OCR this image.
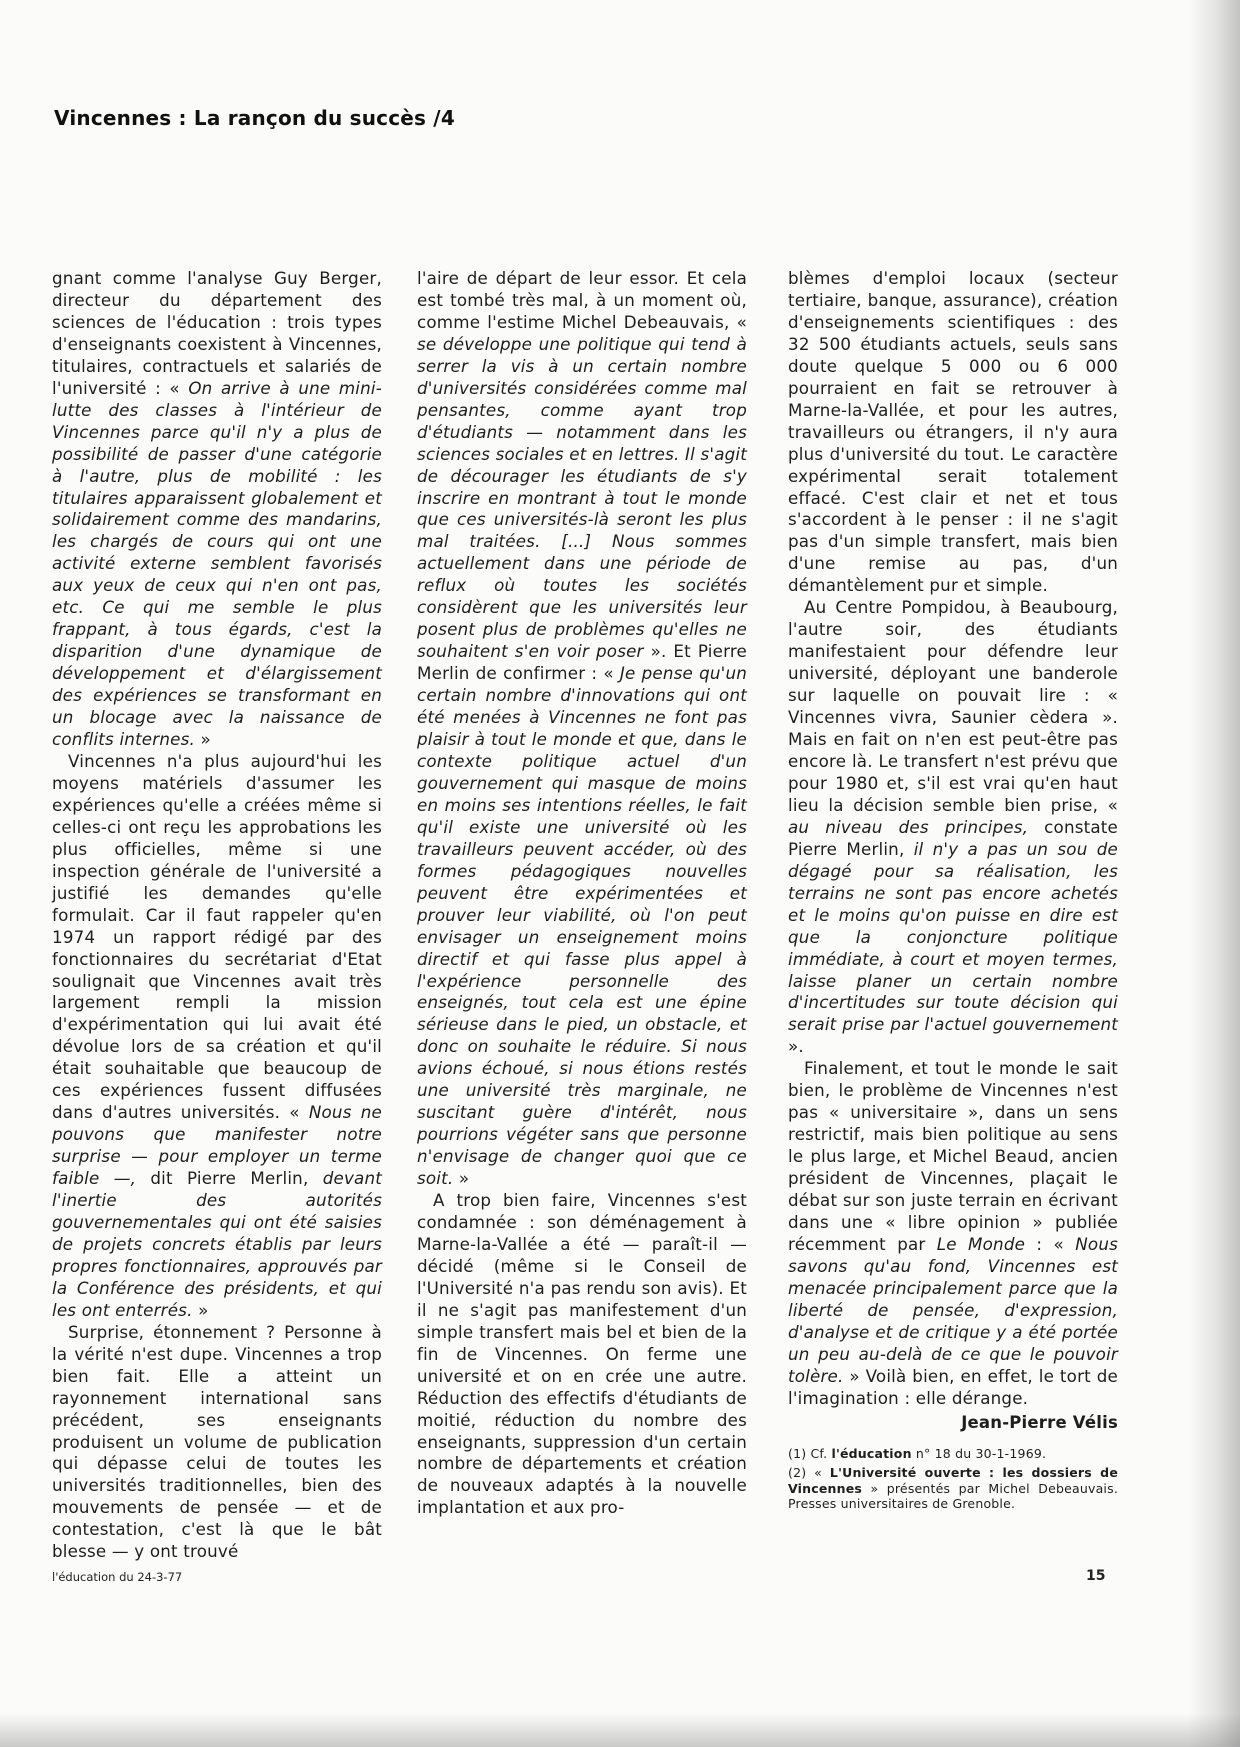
Vincennes : La rançon du succès /4

gnant comme l'analyse Guy Berger, directeur du département des sciences de l'éducation : trois types d'enseignants coexistent à Vincennes, titulaires, contractuels et salariés de l'université : « On arrive à une mini-lutte des classes à l'intérieur de Vincennes parce qu'il n'y a plus de possibilité de passer d'une catégorie à l'autre, plus de mobilité : les titulaires apparaissent globalement et solidairement comme des mandarins, les chargés de cours qui ont une activité externe semblent favorisés aux yeux de ceux qui n'en ont pas, etc. Ce qui me semble le plus frappant, à tous égards, c'est la disparition d'une dynamique de développement et d'élargissement des expériences se transformant en un blocage avec la naissance de conflits internes. »

Vincennes n'a plus aujourd'hui les moyens matériels d'assumer les expériences qu'elle a créées même si celles-ci ont reçu les approbations les plus officielles, même si une inspection générale de l'université a justifié les demandes qu'elle formulait. Car il faut rappeler qu'en 1974 un rapport rédigé par des fonctionnaires du secrétariat d'Etat soulignait que Vincennes avait très largement rempli la mission d'expérimentation qui lui avait été dévolue lors de sa création et qu'il était souhaitable que beaucoup de ces expériences fussent diffusées dans d'autres universités. « Nous ne pouvons que manifester notre surprise — pour employer un terme faible —, dit Pierre Merlin, devant l'inertie des autorités gouvernementales qui ont été saisies de projets concrets établis par leurs propres fonctionnaires, approuvés par la Conférence des présidents, et qui les ont enterrés. »

Surprise, étonnement ? Personne à la vérité n'est dupe. Vincennes a trop bien fait. Elle a atteint un rayonnement international sans précédent, ses enseignants produisent un volume de publication qui dépasse celui de toutes les universités traditionnelles, bien des mouvements de pensée — et de contestation, c'est là que le bât blesse — y ont trouvé

l'aire de départ de leur essor. Et cela est tombé très mal, à un moment où, comme l'estime Michel Debeauvais, « se développe une politique qui tend à serrer la vis à un certain nombre d'universités considérées comme mal pensantes, comme ayant trop d'étudiants — notamment dans les sciences sociales et en lettres. Il s'agit de décourager les étudiants de s'y inscrire en montrant à tout le monde que ces universités-là seront les plus mal traitées. [...] Nous sommes actuellement dans une période de reflux où toutes les sociétés considèrent que les universités leur posent plus de problèmes qu'elles ne souhaitent s'en voir poser ». Et Pierre Merlin de confirmer : « Je pense qu'un certain nombre d'innovations qui ont été menées à Vincennes ne font pas plaisir à tout le monde et que, dans le contexte politique actuel d'un gouvernement qui masque de moins en moins ses intentions réelles, le fait qu'il existe une université où les travailleurs peuvent accéder, où des formes pédagogiques nouvelles peuvent être expérimentées et prouver leur viabilité, où l'on peut envisager un enseignement moins directif et qui fasse plus appel à l'expérience personnelle des enseignés, tout cela est une épine sérieuse dans le pied, un obstacle, et donc on souhaite le réduire. Si nous avions échoué, si nous étions restés une université très marginale, ne suscitant guère d'intérêt, nous pourrions végéter sans que personne n'envisage de changer quoi que ce soit. »

A trop bien faire, Vincennes s'est condamnée : son déménagement à Marne-la-Vallée a été — paraît-il — décidé (même si le Conseil de l'Université n'a pas rendu son avis). Et il ne s'agit pas manifestement d'un simple transfert mais bel et bien de la fin de Vincennes. On ferme une université et on en crée une autre. Réduction des effectifs d'étudiants de moitié, réduction du nombre des enseignants, suppression d'un certain nombre de départements et création de nouveaux adaptés à la nouvelle implantation et aux pro-

blèmes d'emploi locaux (secteur tertiaire, banque, assurance), création d'enseignements scientifiques : des 32 500 étudiants actuels, seuls sans doute quelque 5 000 ou 6 000 pourraient en fait se retrouver à Marne-la-Vallée, et pour les autres, travailleurs ou étrangers, il n'y aura plus d'université du tout. Le caractère expérimental serait totalement effacé. C'est clair et net et tous s'accordent à le penser : il ne s'agit pas d'un simple transfert, mais bien d'une remise au pas, d'un démantèlement pur et simple.

Au Centre Pompidou, à Beaubourg, l'autre soir, des étudiants manifestaient pour défendre leur université, déployant une banderole sur laquelle on pouvait lire : « Vincennes vivra, Saunier cèdera ». Mais en fait on n'en est peut-être pas encore là. Le transfert n'est prévu que pour 1980 et, s'il est vrai qu'en haut lieu la décision semble bien prise, « au niveau des principes, constate Pierre Merlin, il n'y a pas un sou de dégagé pour sa réalisation, les terrains ne sont pas encore achetés et le moins qu'on puisse en dire est que la conjoncture politique immédiate, à court et moyen termes, laisse planer un certain nombre d'incertitudes sur toute décision qui serait prise par l'actuel gouvernement ».

Finalement, et tout le monde le sait bien, le problème de Vincennes n'est pas « universitaire », dans un sens restrictif, mais bien politique au sens le plus large, et Michel Beaud, ancien président de Vincennes, plaçait le débat sur son juste terrain en écrivant dans une « libre opinion » publiée récemment par Le Monde : « Nous savons qu'au fond, Vincennes est menacée principalement parce que la liberté de pensée, d'expression, d'analyse et de critique y a été portée un peu au-delà de ce que le pouvoir tolère. » Voilà bien, en effet, le tort de l'imagination : elle dérange.

Jean-Pierre Vélis

(1) Cf. l'éducation n° 18 du 30-1-1969.

(2) « L'Université ouverte : les dossiers de Vincennes » présentés par Michel Debeauvais. Presses universitaires de Grenoble.

l'éducation du 24-3-77	15
